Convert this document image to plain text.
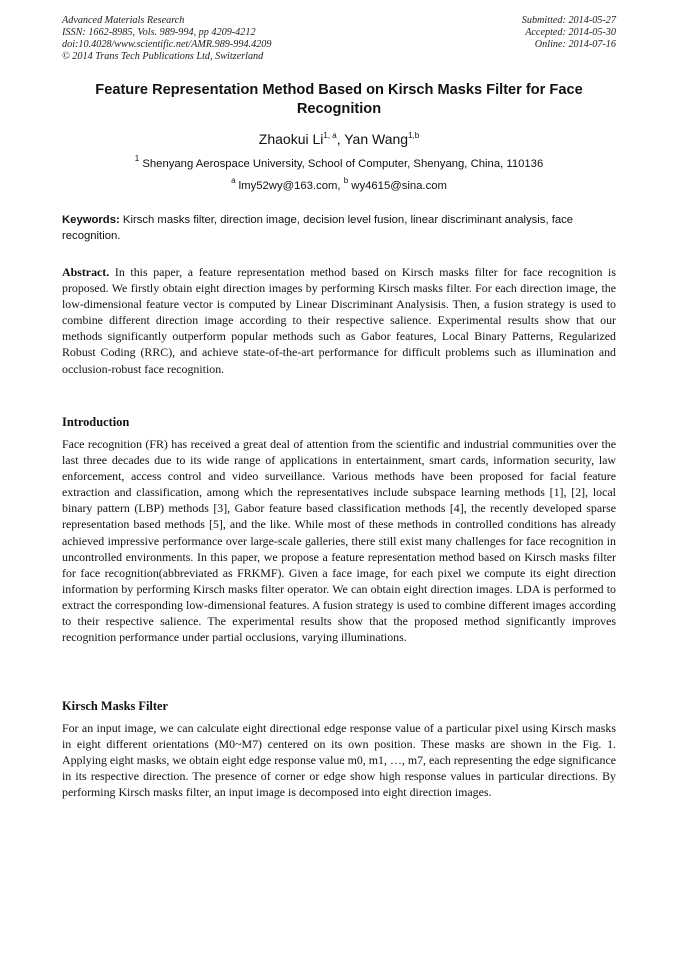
Advanced Materials Research
ISSN: 1662-8985, Vols. 989-994, pp 4209-4212
doi:10.4028/www.scientific.net/AMR.989-994.4209
© 2014 Trans Tech Publications Ltd, Switzerland
Submitted: 2014-05-27
Accepted: 2014-05-30
Online: 2014-07-16
Feature Representation Method Based on Kirsch Masks Filter for Face Recognition
Zhaokui Li$^{1, a}$, Yan Wang$^{1,b}$
$^1$ Shenyang Aerospace University, School of Computer, Shenyang, China, 110136
$^a$ lmy52wy@163.com, $^b$ wy4615@sina.com
Keywords: Kirsch masks filter, direction image, decision level fusion, linear discriminant analysis, face recognition.
Abstract. In this paper, a feature representation method based on Kirsch masks filter for face recognition is proposed. We firstly obtain eight direction images by performing Kirsch masks filter. For each direction image, the low-dimensional feature vector is computed by Linear Discriminant Analysisis. Then, a fusion strategy is used to combine different direction image according to their respective salience. Experimental results show that our methods significantly outperform popular methods such as Gabor features, Local Binary Patterns, Regularized Robust Coding (RRC), and achieve state-of-the-art performance for difficult problems such as illumination and occlusion-robust face recognition.
Introduction
Face recognition (FR) has received a great deal of attention from the scientific and industrial communities over the last three decades due to its wide range of applications in entertainment, smart cards, information security, law enforcement, access control and video surveillance. Various methods have been proposed for facial feature extraction and classification, among which the representatives include subspace learning methods [1], [2], local binary pattern (LBP) methods [3], Gabor feature based classification methods [4], the recently developed sparse representation based methods [5], and the like. While most of these methods in controlled conditions has already achieved impressive performance over large-scale galleries, there still exist many challenges for face recognition in uncontrolled environments. In this paper, we propose a feature representation method based on Kirsch masks filter for face recognition(abbreviated as FRKMF). Given a face image, for each pixel we compute its eight direction information by performing Kirsch masks filter operator. We can obtain eight direction images. LDA is performed to extract the corresponding low-dimensional features. A fusion strategy is used to combine different images according to their respective salience. The experimental results show that the proposed method significantly improves recognition performance under partial occlusions, varying illuminations.
Kirsch Masks Filter
For an input image, we can calculate eight directional edge response value of a particular pixel using Kirsch masks in eight different orientations (M0~M7) centered on its own position. These masks are shown in the Fig. 1. Applying eight masks, we obtain eight edge response value m0, m1, …, m7, each representing the edge significance in its respective direction. The presence of corner or edge show high response values in particular directions. By performing Kirsch masks filter, an input image is decomposed into eight direction images.
